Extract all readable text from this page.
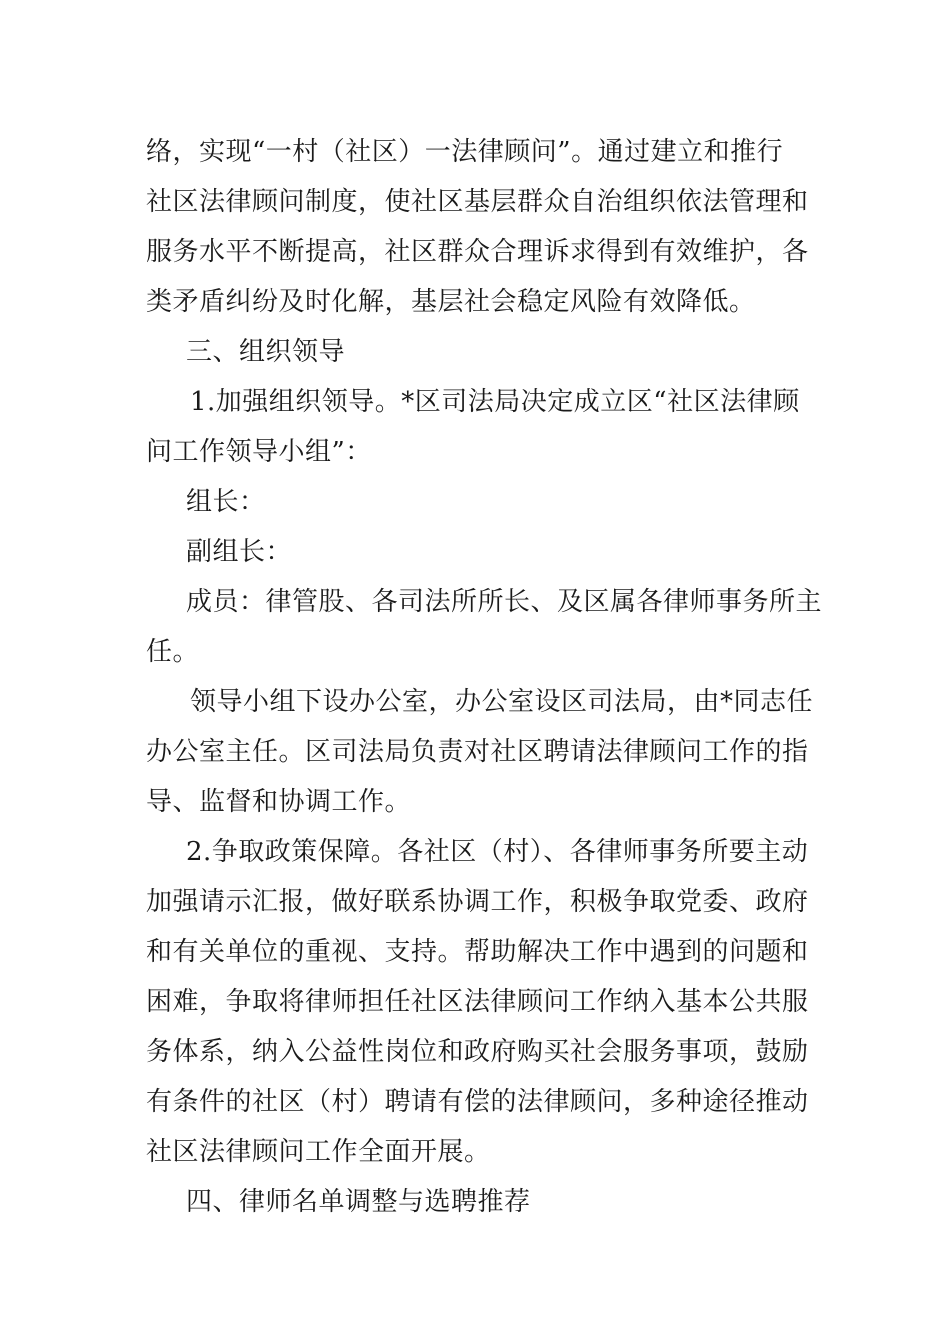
络，实现“一村（社区）一法律顾问”。通过建立和推行
社区法律顾问制度，使社区基层群众自治组织依法管理和
服务水平不断提高，社区群众合理诉求得到有效维护，各
类矛盾纠纷及时化解，基层社会稳定风险有效降低。
三、组织领导
1.加强组织领导。*区司法局决定成立区“社区法律顾
问工作领导小组”：
组长：
副组长：
成员：律管股、各司法所所长、及区属各律师事务所主
任。
领导小组下设办公室，办公室设区司法局，由*同志任
办公室主任。区司法局负责对社区聘请法律顾问工作的指
导、监督和协调工作。
2.争取政策保障。各社区（村）、各律师事务所要主动
加强请示汇报，做好联系协调工作，积极争取党委、政府
和有关单位的重视、支持。帮助解决工作中遇到的问题和
困难，争取将律师担任社区法律顾问工作纳入基本公共服
务体系，纳入公益性岗位和政府购买社会服务事项，鼓励
有条件的社区（村）聘请有偿的法律顾问，多种途径推动
社区法律顾问工作全面开展。
四、律师名单调整与选聘推荐
